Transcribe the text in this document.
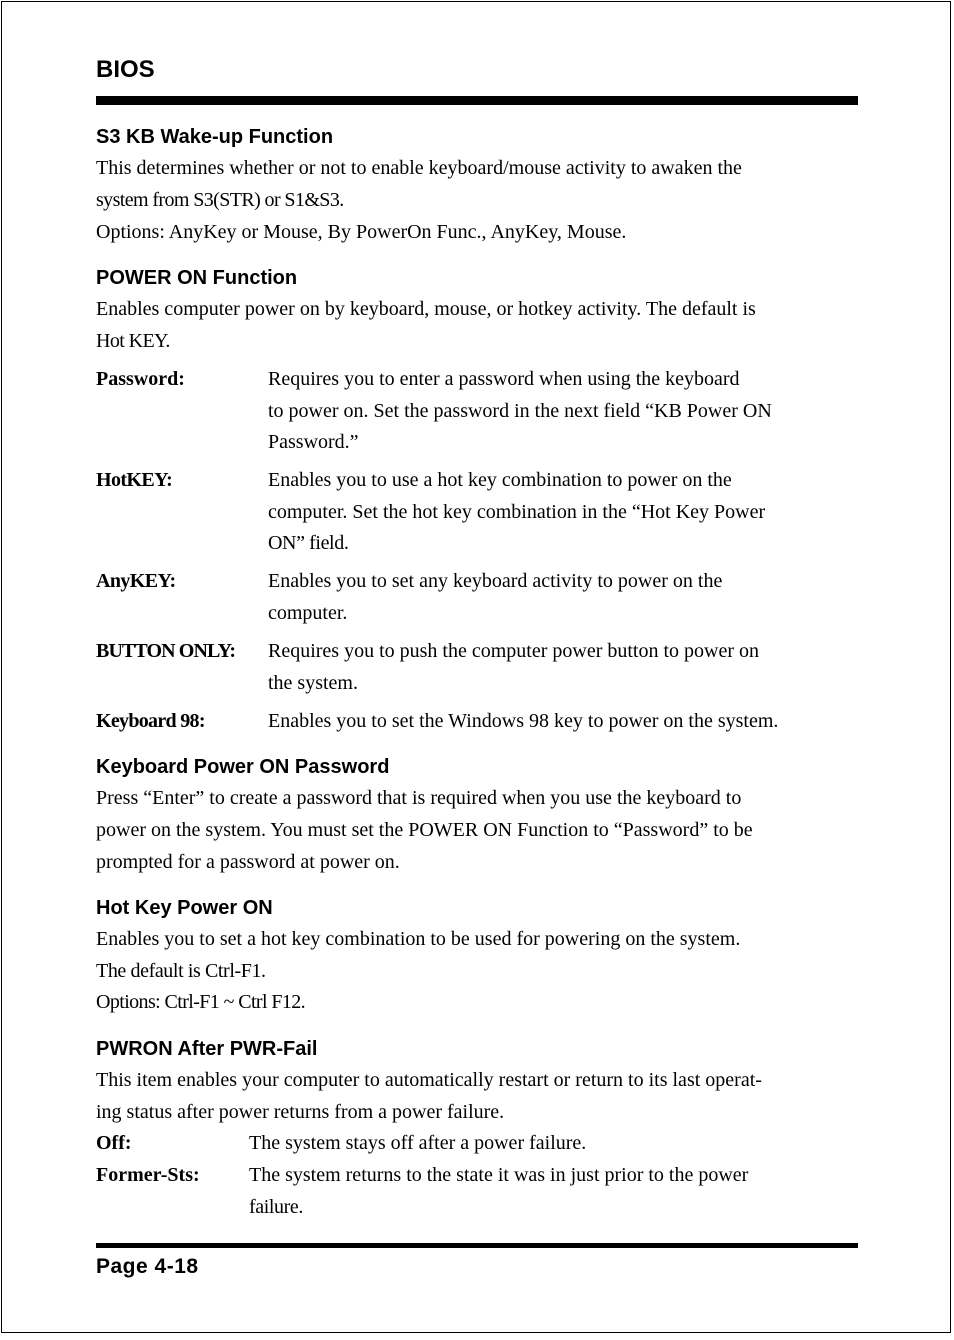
BIOS
S3 KB Wake-up Function
This determines whether or not to enable keyboard/mouse activity to awaken the
system from S3(STR) or S1&S3.
Options: AnyKey or Mouse, By PowerOn Func., AnyKey, Mouse.
POWER ON Function
Enables computer power on by keyboard, mouse, or hotkey activity. The default is
Hot KEY.
Password:	Requires you to enter a password when using the keyboard
to power on. Set the password in the next field “KB Power ON
Password.”
HotKEY:	Enables you to use a hot key combination to power on the
computer. Set the hot key combination in the “Hot Key Power
ON” field.
AnyKEY:	Enables you to set any keyboard activity to power on the
computer.
BUTTON ONLY: Requires you to push the computer power button to power on
the system.
Keyboard 98:	Enables you to set the Windows 98 key to power on the system.
Keyboard Power ON Password
Press “Enter” to create a password that is required when you use the keyboard to
power on the system. You must set the POWER ON Function to “Password” to be
prompted for a password at power on.
Hot Key Power ON
Enables you to set a hot key combination to be used for powering on the system.
The default is Ctrl-F1.
Options: Ctrl-F1 ~ Ctrl F12.
PWRON After PWR-Fail
This item enables your computer to automatically restart or return to its last operat-
ing status after power returns from a power failure.
Off:	The system stays off after a power failure.
Former-Sts: The system returns to the state it was in just prior to the power
failure.
Page 4-18
